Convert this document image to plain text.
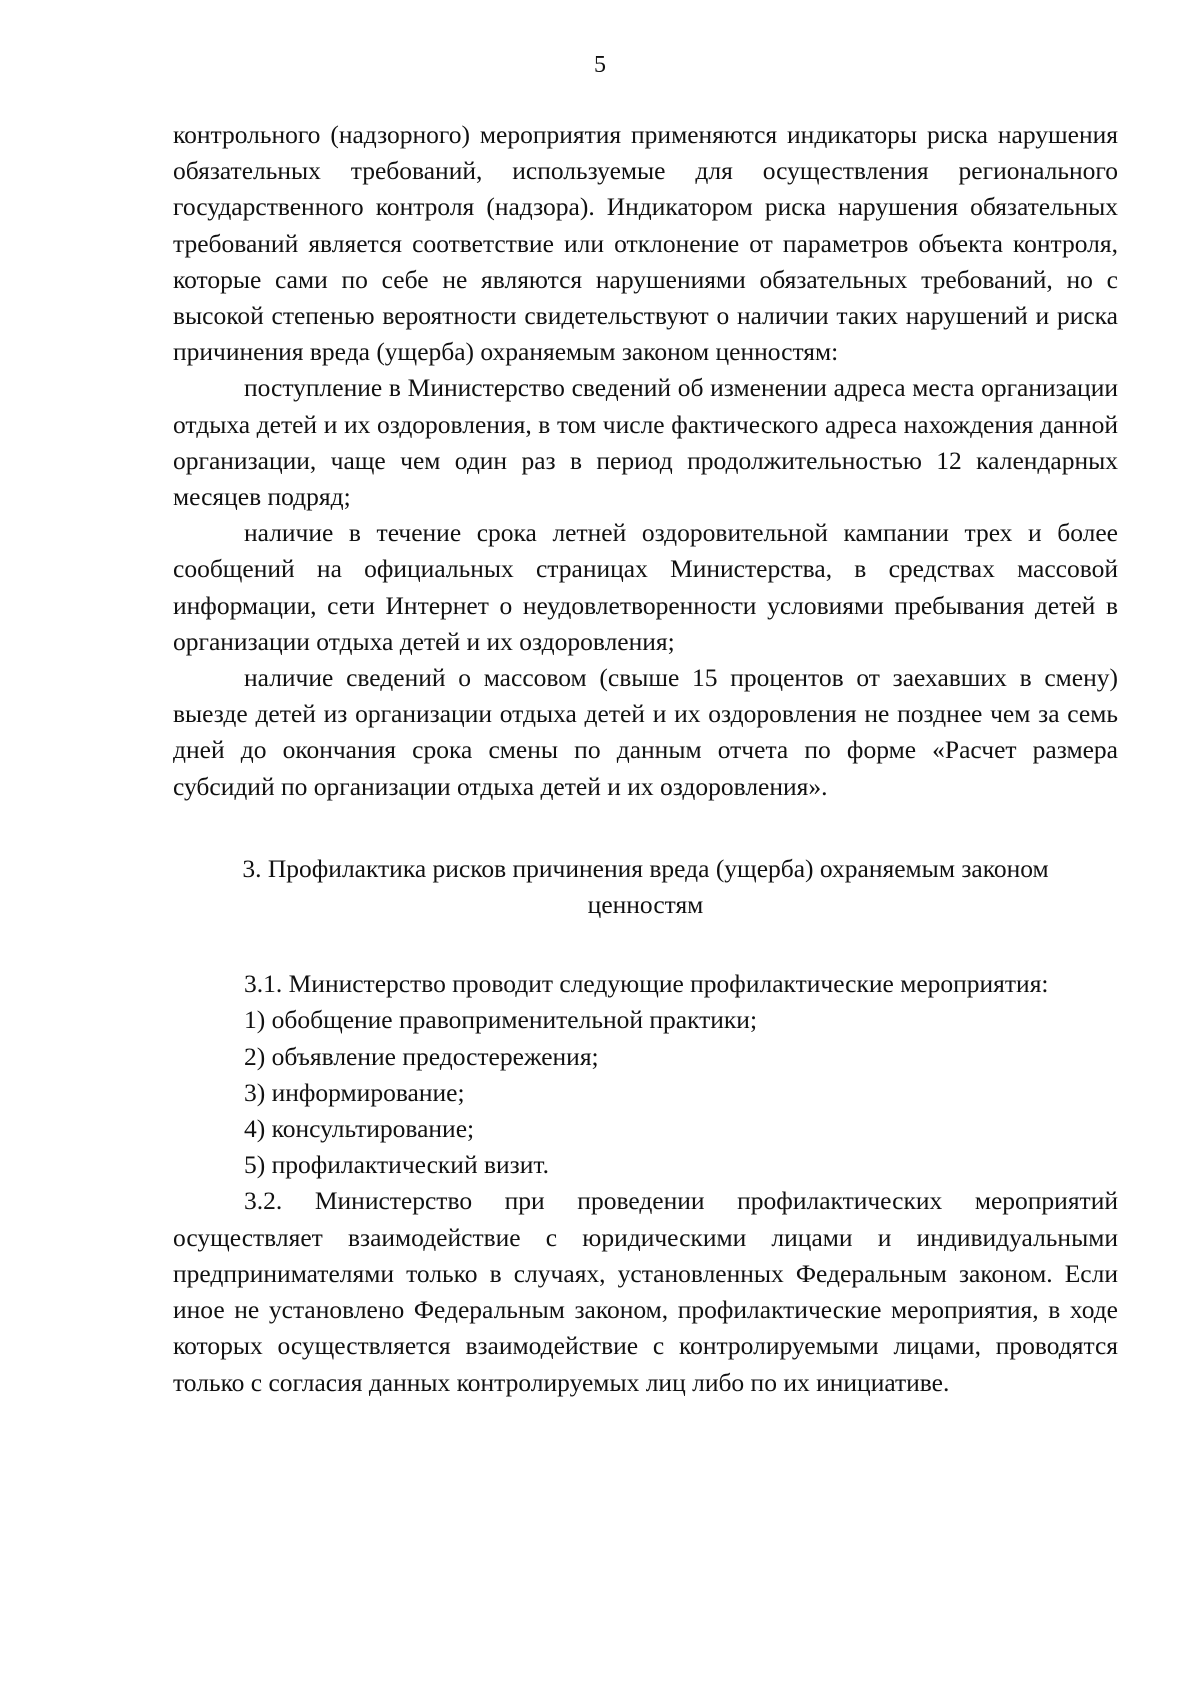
5

контрольного (надзорного) мероприятия применяются индикаторы риска нарушения обязательных требований, используемые для осуществления регионального государственного контроля (надзора). Индикатором риска нарушения обязательных требований является соответствие или отклонение от параметров объекта контроля, которые сами по себе не являются нарушениями обязательных требований, но с высокой степенью вероятности свидетельствуют о наличии таких нарушений и риска причинения вреда (ущерба) охраняемым законом ценностям:

поступление в Министерство сведений об изменении адреса места организации отдыха детей и их оздоровления, в том числе фактического адреса нахождения данной организации, чаще чем один раз в период продолжительностью 12 календарных месяцев подряд;

наличие в течение срока летней оздоровительной кампании трех и более сообщений на официальных страницах Министерства, в средствах массовой информации, сети Интернет о неудовлетворенности условиями пребывания детей в организации отдыха детей и их оздоровления;

наличие сведений о массовом (свыше 15 процентов от заехавших в смену) выезде детей из организации отдыха детей и их оздоровления не позднее чем за семь дней до окончания срока смены по данным отчета по форме «Расчет размера субсидий по организации отдыха детей и их оздоровления».

3. Профилактика рисков причинения вреда (ущерба) охраняемым законом ценностям

3.1. Министерство проводит следующие профилактические мероприятия:

1) обобщение правоприменительной практики;

2) объявление предостережения;

3) информирование;

4) консультирование;

5) профилактический визит.

3.2. Министерство при проведении профилактических мероприятий осуществляет взаимодействие с юридическими лицами и индивидуальными предпринимателями только в случаях, установленных Федеральным законом. Если иное не установлено Федеральным законом, профилактические мероприятия, в ходе которых осуществляется взаимодействие с контролируемыми лицами, проводятся только с согласия данных контролируемых лиц либо по их инициативе.
